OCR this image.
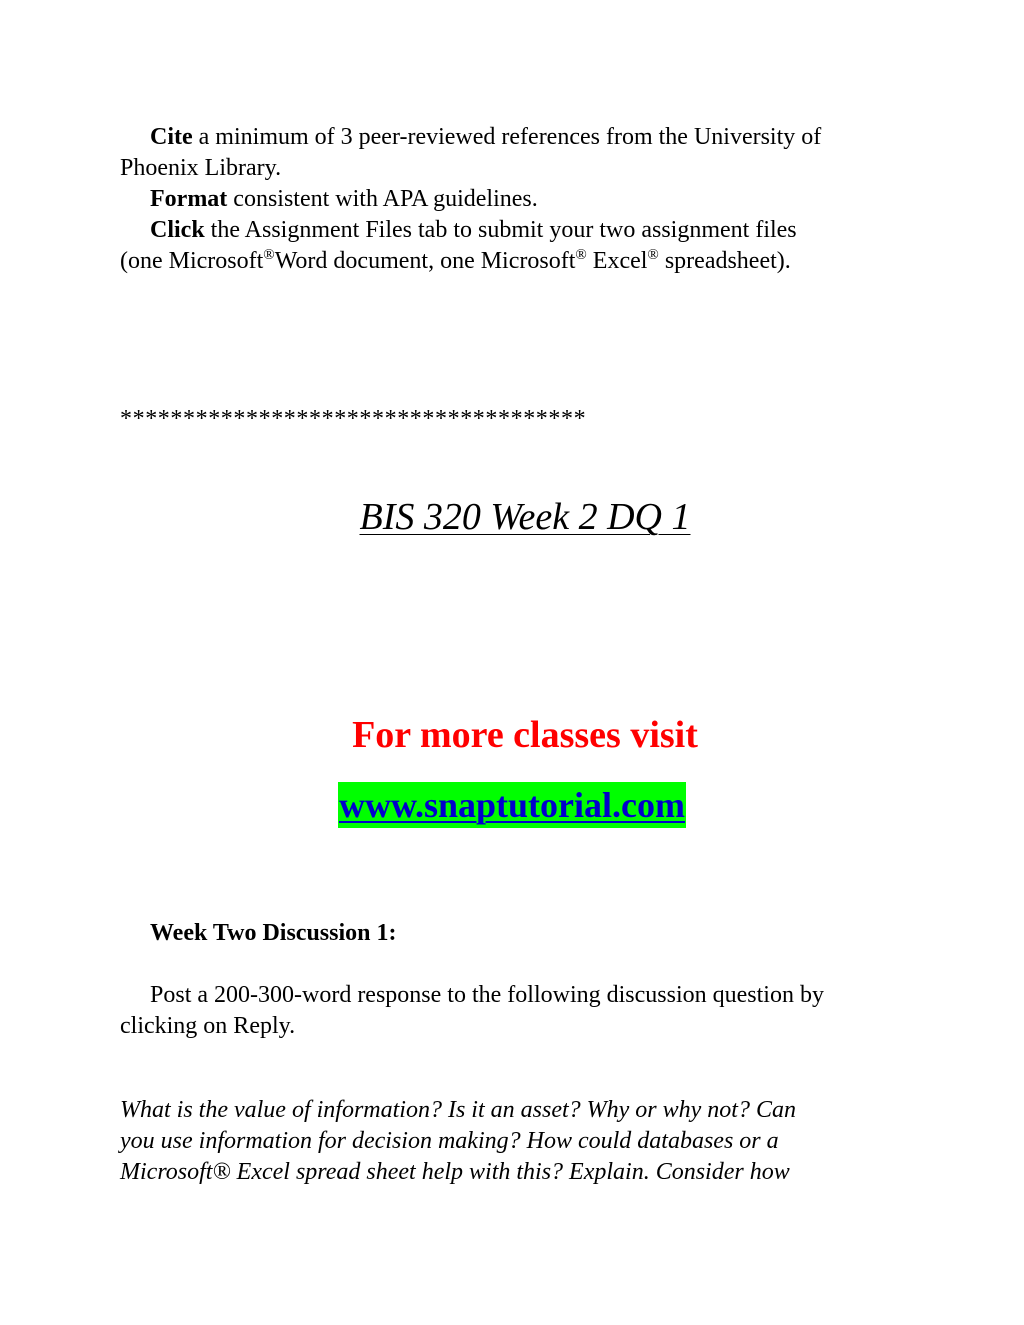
Cite a minimum of 3 peer-reviewed references from the University of
Phoenix Library.
Format consistent with APA guidelines.
Click the Assignment Files tab to submit your two assignment files
(one Microsoft®Word document, one Microsoft® Excel® spreadsheet).
*************************************
BIS 320 Week 2 DQ 1
For more classes visit
www.snaptutorial.com
Week Two Discussion 1:
Post a 200-300-word response to the following discussion question by
clicking on Reply.
What is the value of information? Is it an asset? Why or why not? Can
you use information for decision making? How could databases or a
Microsoft® Excel spread sheet help with this? Explain. Consider how
